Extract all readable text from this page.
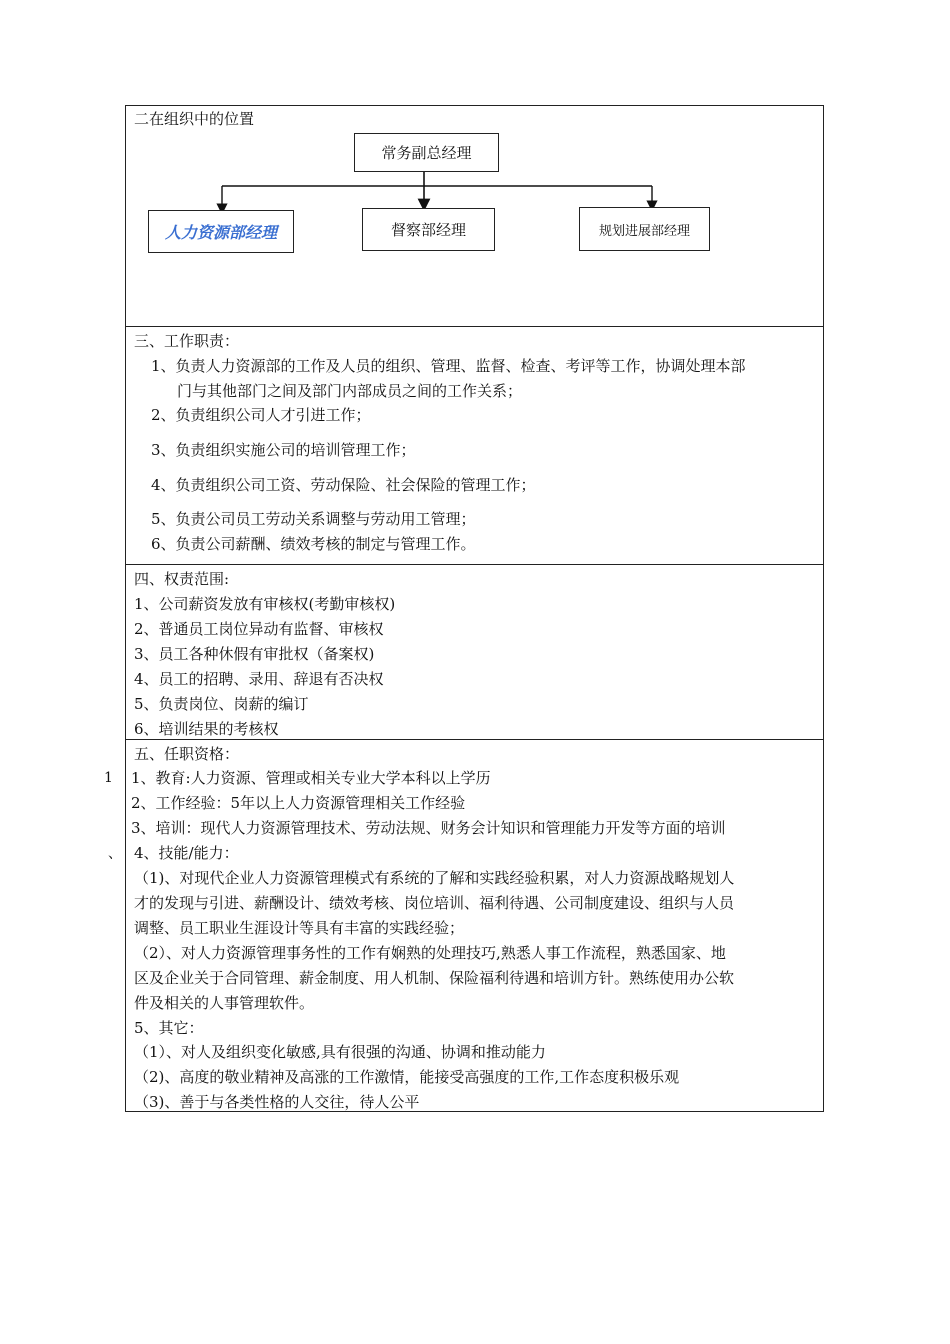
二在组织中的位置
常务副总经理
人力资源部经理	督察部经理	规划进展部经理
三、工作职责：
1、负责人力资源部的工作及人员的组织、管理、监督、检查、考评等工作，协调处理本部
门与其他部门之间及部门内部成员之间的工作关系；
2、负责组织公司人才引进工作；
3、负责组织实施公司的培训管理工作；
4、负责组织公司工资、劳动保险、社会保险的管理工作；
5、负责公司员工劳动关系调整与劳动用工管理；
6、负责公司薪酬、绩效考核的制定与管理工作。
四、权责范围:
1、公司薪资发放有审核权(考勤审核权)
2、普通员工岗位异动有监督、审核权
3、员工各种休假有审批权（备案权)
4、员工的招聘、录用、辞退有否决权
5、负责岗位、岗薪的编订
6、培训结果的考核权
1
、
五、任职资格：
1、教育:人力资源、管理或相关专业大学本科以上学历
2、工作经验：5年以上人力资源管理相关工作经验
3、培训：现代人力资源管理技术、劳动法规、财务会计知识和管理能力开发等方面的培训
4、技能/能力：
（1)、对现代企业人力资源管理模式有系统的了解和实践经验积累，对人力资源战略规划人
才的发现与引进、薪酬设计、绩效考核、岗位培训、福利待遇、公司制度建设、组织与人员
调整、员工职业生涯设计等具有丰富的实践经验；
（2）、对人力资源管理事务性的工作有娴熟的处理技巧,熟悉人事工作流程，熟悉国家、地
区及企业关于合同管理、薪金制度、用人机制、保险福利待遇和培训方针。熟练使用办公软
件及相关的人事管理软件。
5、其它：
（1）、对人及组织变化敏感,具有很强的沟通、协调和推动能力
（2)、高度的敬业精神及高涨的工作激情，能接受高强度的工作,工作态度积极乐观
（3)、善于与各类性格的人交往，待人公平
